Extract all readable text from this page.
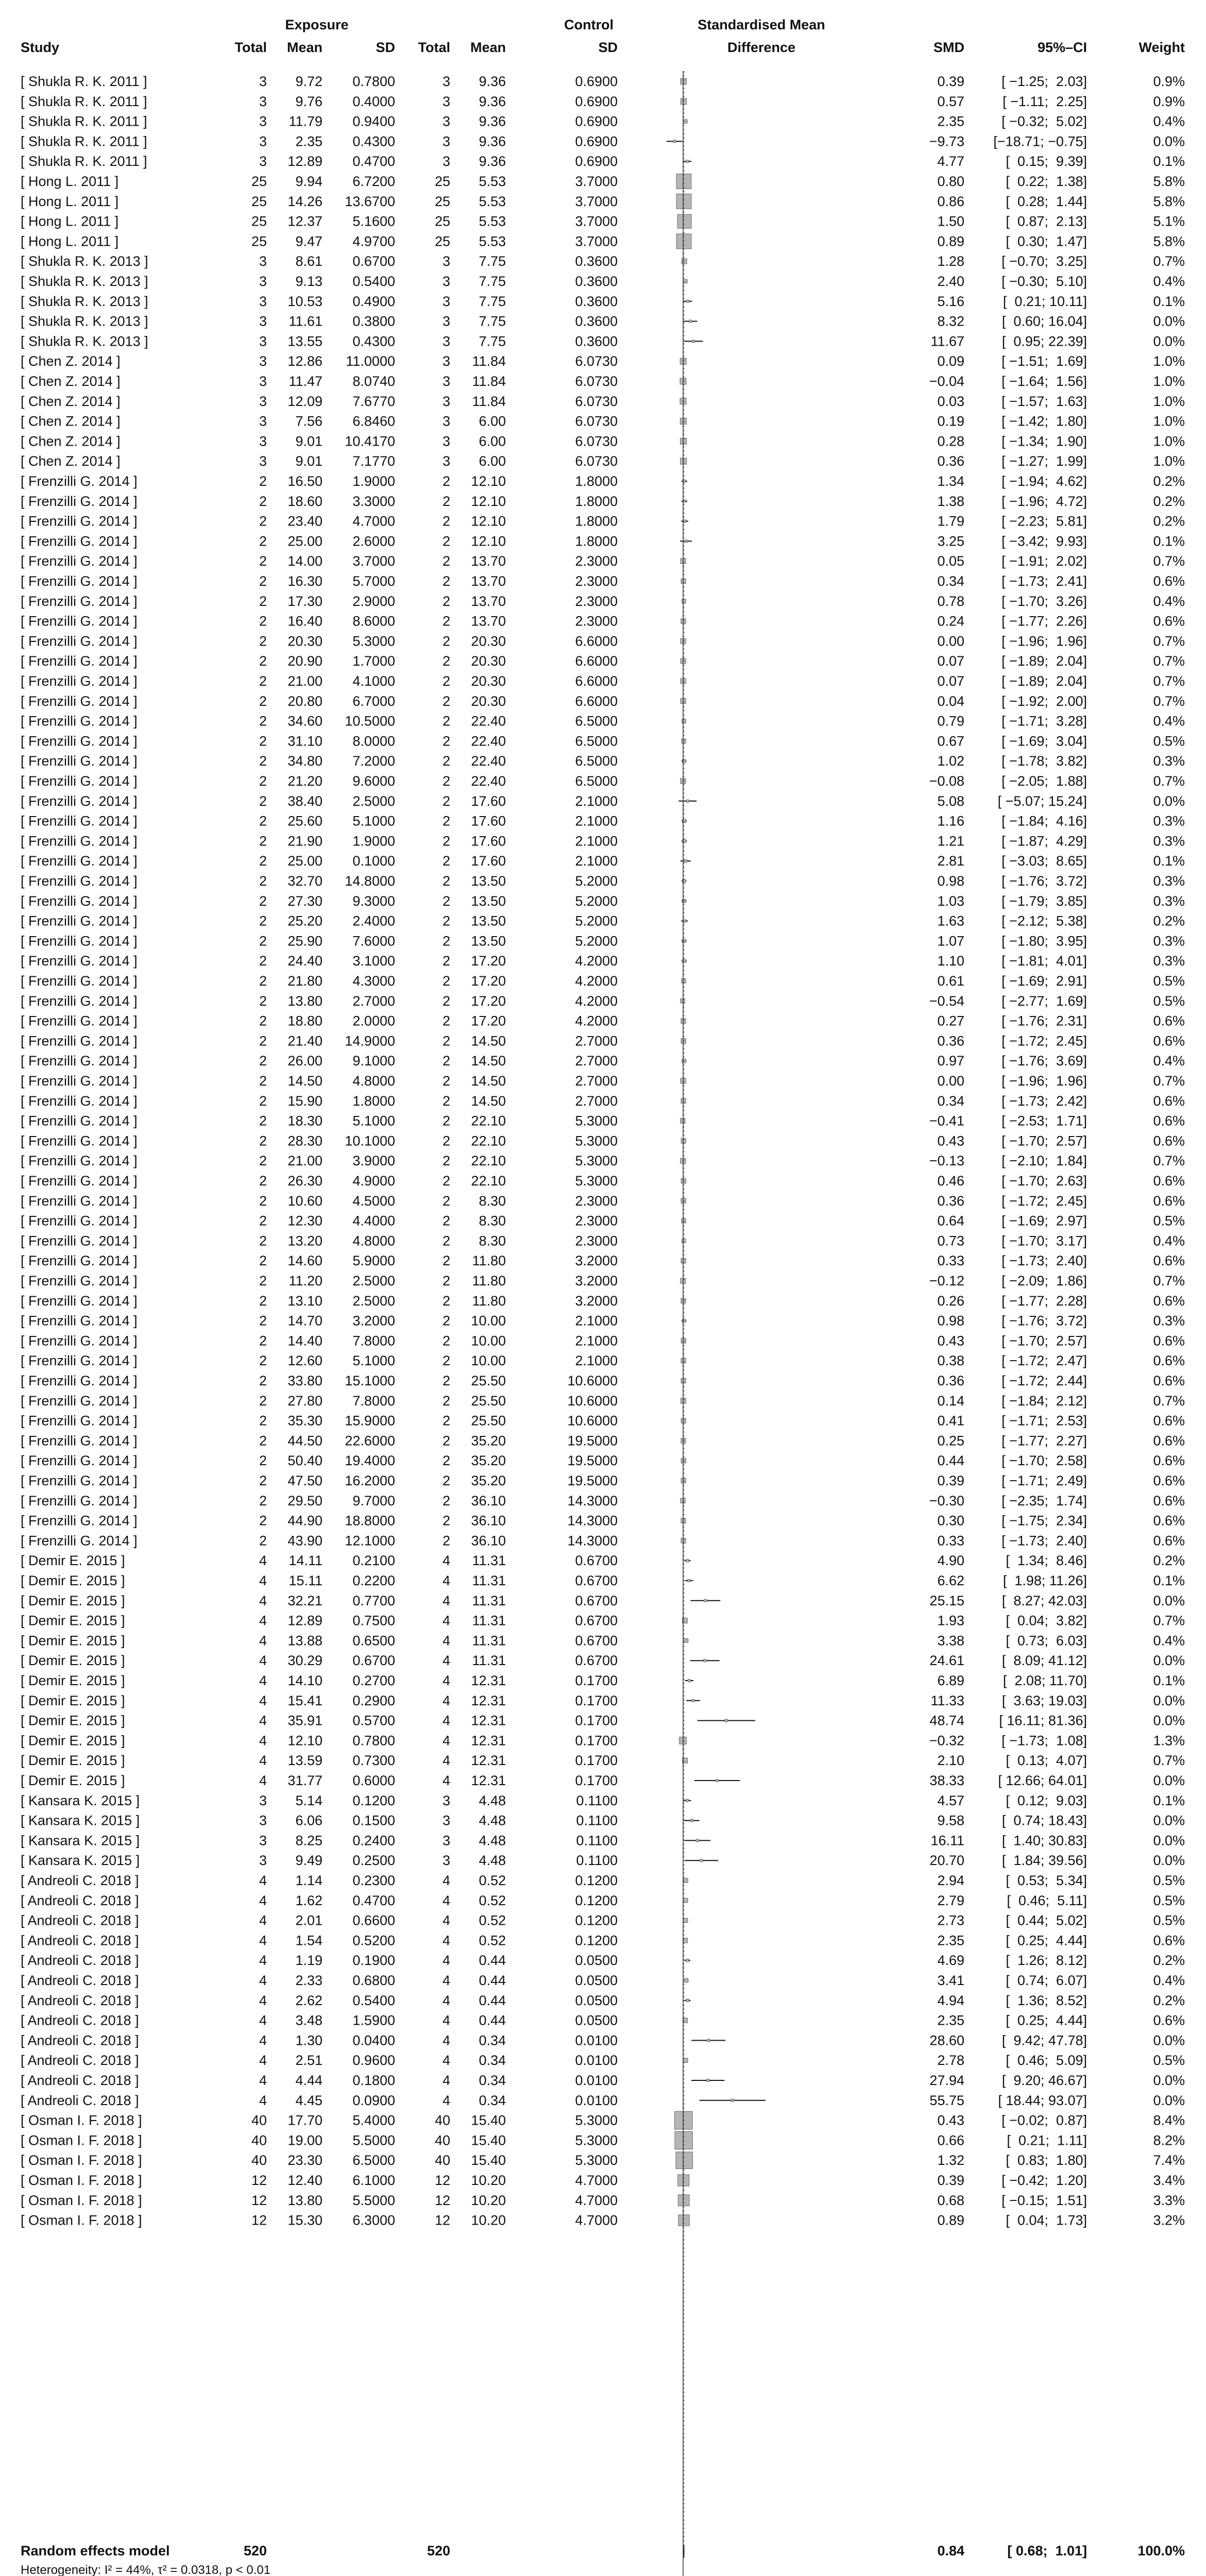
Exposure	Control	Standardised Mean
Study	Total Mean	SD Total Mean	SD	Difference	SMD	95%–CI	Weight
[ Shukla R. K. 2011 ]	3 9.72 0.7800	3 9.36	0.6900	0.39	[ −1.25;  2.03]	0.9%
[ Shukla R. K. 2011 ]	3 9.76 0.4000	3 9.36	0.6900	0.57	[ −1.11;  2.25]	0.9%
[ Shukla R. K. 2011 ]	3 11.79 0.9400	3 9.36	0.6900	2.35	[ −0.32;  5.02]	0.4%
[ Shukla R. K. 2011 ]	3 2.35 0.4300	3 9.36	0.6900	−9.73 [−18.71; −0.75]	0.0%
[ Shukla R. K. 2011 ]	3 12.89 0.4700	3 9.36	0.6900	4.77	[  0.15;  9.39]	0.1%
[ Hong L. 2011 ]	25 9.94 6.7200	25 5.53	3.7000	0.80	[  0.22;  1.38]	5.8%
[ Hong L. 2011 ]	25 14.26 13.6700	25 5.53	3.7000	0.86	[  0.28;  1.44]	5.8%
[ Hong L. 2011 ]	25 12.37 5.1600	25 5.53	3.7000	1.50	[  0.87;  2.13]	5.1%
[ Hong L. 2011 ]	25 9.47 4.9700	25 5.53	3.7000	0.89	[  0.30;  1.47]	5.8%
[ Shukla R. K. 2013 ]	3 8.61 0.6700	3 7.75	0.3600	1.28	[ −0.70;  3.25]	0.7%
[ Shukla R. K. 2013 ]	3 9.13 0.5400	3 7.75	0.3600	2.40	[ −0.30;  5.10]	0.4%
[ Shukla R. K. 2013 ]	3 10.53 0.4900	3 7.75	0.3600	5.16	[  0.21; 10.11]	0.1%
[ Shukla R. K. 2013 ]	3 11.61 0.3800	3 7.75	0.3600	8.32	[  0.60; 16.04]	0.0%
[ Shukla R. K. 2013 ]	3 13.55 0.4300	3 7.75	0.3600	11.67	[  0.95; 22.39]	0.0%
[ Chen Z. 2014 ]	3 12.86 11.0000	3 11.84	6.0730	0.09	[ −1.51;  1.69]	1.0%
[ Chen Z. 2014 ]	3 11.47 8.0740	3 11.84	6.0730	−0.04	[ −1.64;  1.56]	1.0%
[ Chen Z. 2014 ]	3 12.09 7.6770	3 11.84	6.0730	0.03	[ −1.57;  1.63]	1.0%
[ Chen Z. 2014 ]	3 7.56 6.8460	3 6.00	6.0730	0.19	[ −1.42;  1.80]	1.0%
[ Chen Z. 2014 ]	3 9.01 10.4170	3 6.00	6.0730	0.28	[ −1.34;  1.90]	1.0%
[ Chen Z. 2014 ]	3 9.01 7.1770	3 6.00	6.0730	0.36	[ −1.27;  1.99]	1.0%
[ Frenzilli G. 2014 ]	2 16.50 1.9000	2 12.10	1.8000	1.34	[ −1.94;  4.62]	0.2%
[ Frenzilli G. 2014 ]	2 18.60 3.3000	2 12.10	1.8000	1.38	[ −1.96;  4.72]	0.2%
[ Frenzilli G. 2014 ]	2 23.40 4.7000	2 12.10	1.8000	1.79	[ −2.23;  5.81]	0.2%
[ Frenzilli G. 2014 ]	2 25.00 2.6000	2 12.10	1.8000	3.25	[ −3.42;  9.93]	0.1%
[ Frenzilli G. 2014 ]	2 14.00 3.7000	2 13.70	2.3000	0.05	[ −1.91;  2.02]	0.7%
[ Frenzilli G. 2014 ]	2 16.30 5.7000	2 13.70	2.3000	0.34	[ −1.73;  2.41]	0.6%
[ Frenzilli G. 2014 ]	2 17.30 2.9000	2 13.70	2.3000	0.78	[ −1.70;  3.26]	0.4%
[ Frenzilli G. 2014 ]	2 16.40 8.6000	2 13.70	2.3000	0.24	[ −1.77;  2.26]	0.6%
[ Frenzilli G. 2014 ]	2 20.30 5.3000	2 20.30	6.6000	0.00	[ −1.96;  1.96]	0.7%
[ Frenzilli G. 2014 ]	2 20.90 1.7000	2 20.30	6.6000	0.07	[ −1.89;  2.04]	0.7%
[ Frenzilli G. 2014 ]	2 21.00 4.1000	2 20.30	6.6000	0.07	[ −1.89;  2.04]	0.7%
[ Frenzilli G. 2014 ]	2 20.80 6.7000	2 20.30	6.6000	0.04	[ −1.92;  2.00]	0.7%
[ Frenzilli G. 2014 ]	2 34.60 10.5000	2 22.40	6.5000	0.79	[ −1.71;  3.28]	0.4%
[ Frenzilli G. 2014 ]	2 31.10 8.0000	2 22.40	6.5000	0.67	[ −1.69;  3.04]	0.5%
[ Frenzilli G. 2014 ]	2 34.80 7.2000	2 22.40	6.5000	1.02	[ −1.78;  3.82]	0.3%
[ Frenzilli G. 2014 ]	2 21.20 9.6000	2 22.40	6.5000	−0.08	[ −2.05;  1.88]	0.7%
[ Frenzilli G. 2014 ]	2 38.40 2.5000	2 17.60	2.1000	5.08 [ −5.07; 15.24]	0.0%
[ Frenzilli G. 2014 ]	2 25.60 5.1000	2 17.60	2.1000	1.16	[ −1.84;  4.16]	0.3%
[ Frenzilli G. 2014 ]	2 21.90 1.9000	2 17.60	2.1000	1.21	[ −1.87;  4.29]	0.3%
[ Frenzilli G. 2014 ]	2 25.00 0.1000	2 17.60	2.1000	2.81	[ −3.03;  8.65]	0.1%
[ Frenzilli G. 2014 ]	2 32.70 14.8000	2 13.50	5.2000	0.98	[ −1.76;  3.72]	0.3%
[ Frenzilli G. 2014 ]	2 27.30 9.3000	2 13.50	5.2000	1.03	[ −1.79;  3.85]	0.3%
[ Frenzilli G. 2014 ]	2 25.20 2.4000	2 13.50	5.2000	1.63	[ −2.12;  5.38]	0.2%
[ Frenzilli G. 2014 ]	2 25.90 7.6000	2 13.50	5.2000	1.07	[ −1.80;  3.95]	0.3%
[ Frenzilli G. 2014 ]	2 24.40 3.1000	2 17.20	4.2000	1.10	[ −1.81;  4.01]	0.3%
[ Frenzilli G. 2014 ]	2 21.80 4.3000	2 17.20	4.2000	0.61	[ −1.69;  2.91]	0.5%
[ Frenzilli G. 2014 ]	2 13.80 2.7000	2 17.20	4.2000	−0.54	[ −2.77;  1.69]	0.5%
[ Frenzilli G. 2014 ]	2 18.80 2.0000	2 17.20	4.2000	0.27	[ −1.76;  2.31]	0.6%
[ Frenzilli G. 2014 ]	2 21.40 14.9000	2 14.50	2.7000	0.36	[ −1.72;  2.45]	0.6%
[ Frenzilli G. 2014 ]	2 26.00 9.1000	2 14.50	2.7000	0.97	[ −1.76;  3.69]	0.4%
[ Frenzilli G. 2014 ]	2 14.50 4.8000	2 14.50	2.7000	0.00	[ −1.96;  1.96]	0.7%
[ Frenzilli G. 2014 ]	2 15.90 1.8000	2 14.50	2.7000	0.34	[ −1.73;  2.42]	0.6%
[ Frenzilli G. 2014 ]	2 18.30 5.1000	2 22.10	5.3000	−0.41	[ −2.53;  1.71]	0.6%
[ Frenzilli G. 2014 ]	2 28.30 10.1000	2 22.10	5.3000	0.43	[ −1.70;  2.57]	0.6%
[ Frenzilli G. 2014 ]	2 21.00 3.9000	2 22.10	5.3000	−0.13	[ −2.10;  1.84]	0.7%
[ Frenzilli G. 2014 ]	2 26.30 4.9000	2 22.10	5.3000	0.46	[ −1.70;  2.63]	0.6%
[ Frenzilli G. 2014 ]	2 10.60 4.5000	2 8.30	2.3000	0.36	[ −1.72;  2.45]	0.6%
[ Frenzilli G. 2014 ]	2 12.30 4.4000	2 8.30	2.3000	0.64	[ −1.69;  2.97]	0.5%
[ Frenzilli G. 2014 ]	2 13.20 4.8000	2 8.30	2.3000	0.73	[ −1.70;  3.17]	0.4%
[ Frenzilli G. 2014 ]	2 14.60 5.9000	2 11.80	3.2000	0.33	[ −1.73;  2.40]	0.6%
[ Frenzilli G. 2014 ]	2 11.20 2.5000	2 11.80	3.2000	−0.12	[ −2.09;  1.86]	0.7%
[ Frenzilli G. 2014 ]	2 13.10 2.5000	2 11.80	3.2000	0.26	[ −1.77;  2.28]	0.6%
[ Frenzilli G. 2014 ]	2 14.70 3.2000	2 10.00	2.1000	0.98	[ −1.76;  3.72]	0.3%
[ Frenzilli G. 2014 ]	2 14.40 7.8000	2 10.00	2.1000	0.43	[ −1.70;  2.57]	0.6%
[ Frenzilli G. 2014 ]	2 12.60 5.1000	2 10.00	2.1000	0.38	[ −1.72;  2.47]	0.6%
[ Frenzilli G. 2014 ]	2 33.80 15.1000	2 25.50	10.6000	0.36	[ −1.72;  2.44]	0.6%
[ Frenzilli G. 2014 ]	2 27.80 7.8000	2 25.50	10.6000	0.14	[ −1.84;  2.12]	0.7%
[ Frenzilli G. 2014 ]	2 35.30 15.9000	2 25.50	10.6000	0.41	[ −1.71;  2.53]	0.6%
[ Frenzilli G. 2014 ]	2 44.50 22.6000	2 35.20	19.5000	0.25	[ −1.77;  2.27]	0.6%
[ Frenzilli G. 2014 ]	2 50.40 19.4000	2 35.20	19.5000	0.44	[ −1.70;  2.58]	0.6%
[ Frenzilli G. 2014 ]	2 47.50 16.2000	2 35.20	19.5000	0.39	[ −1.71;  2.49]	0.6%
[ Frenzilli G. 2014 ]	2 29.50 9.7000	2 36.10	14.3000	−0.30	[ −2.35;  1.74]	0.6%
[ Frenzilli G. 2014 ]	2 44.90 18.8000	2 36.10	14.3000	0.30	[ −1.75;  2.34]	0.6%
[ Frenzilli G. 2014 ]	2 43.90 12.1000	2 36.10	14.3000	0.33	[ −1.73;  2.40]	0.6%
[ Demir E. 2015 ]	4 14.11 0.2100	4 11.31	0.6700	4.90	[  1.34;  8.46]	0.2%
[ Demir E. 2015 ]	4 15.11 0.2200	4 11.31	0.6700	6.62	[  1.98; 11.26]	0.1%
[ Demir E. 2015 ]	4 32.21 0.7700	4 11.31	0.6700	25.15	[  8.27; 42.03]	0.0%
[ Demir E. 2015 ]	4 12.89 0.7500	4 11.31	0.6700	1.93	[  0.04;  3.82]	0.7%
[ Demir E. 2015 ]	4 13.88 0.6500	4 11.31	0.6700	3.38	[  0.73;  6.03]	0.4%
[ Demir E. 2015 ]	4 30.29 0.6700	4 11.31	0.6700	24.61	[  8.09; 41.12]	0.0%
[ Demir E. 2015 ]	4 14.10 0.2700	4 12.31	0.1700	6.89	[  2.08; 11.70]	0.1%
[ Demir E. 2015 ]	4 15.41 0.2900	4 12.31	0.1700	11.33	[  3.63; 19.03]	0.0%
[ Demir E. 2015 ]	4 35.91 0.5700	4 12.31	0.1700	48.74 [ 16.11; 81.36]	0.0%
[ Demir E. 2015 ]	4 12.10 0.7800	4 12.31	0.1700	−0.32	[ −1.73;  1.08]	1.3%
[ Demir E. 2015 ]	4 13.59 0.7300	4 12.31	0.1700	2.10	[  0.13;  4.07]	0.7%
[ Demir E. 2015 ]	4 31.77 0.6000	4 12.31	0.1700	38.33 [ 12.66; 64.01]	0.0%
[ Kansara K. 2015 ]	3 5.14 0.1200	3 4.48	0.1100	4.57	[  0.12;  9.03]	0.1%
[ Kansara K. 2015 ]	3 6.06 0.1500	3 4.48	0.1100	9.58	[  0.74; 18.43]	0.0%
[ Kansara K. 2015 ]	3 8.25 0.2400	3 4.48	0.1100	16.11	[  1.40; 30.83]	0.0%
[ Kansara K. 2015 ]	3 9.49 0.2500	3 4.48	0.1100	20.70	[  1.84; 39.56]	0.0%
[ Andreoli C. 2018 ]	4 1.14 0.2300	4 0.52	0.1200	2.94	[  0.53;  5.34]	0.5%
[ Andreoli C. 2018 ]	4 1.62 0.4700	4 0.52	0.1200	2.79	[  0.46;  5.11]	0.5%
[ Andreoli C. 2018 ]	4 2.01 0.6600	4 0.52	0.1200	2.73	[  0.44;  5.02]	0.5%
[ Andreoli C. 2018 ]	4 1.54 0.5200	4 0.52	0.1200	2.35	[  0.25;  4.44]	0.6%
[ Andreoli C. 2018 ]	4 1.19 0.1900	4 0.44	0.0500	4.69	[  1.26;  8.12]	0.2%
[ Andreoli C. 2018 ]	4 2.33 0.6800	4 0.44	0.0500	3.41	[  0.74;  6.07]	0.4%
[ Andreoli C. 2018 ]	4 2.62 0.5400	4 0.44	0.0500	4.94	[  1.36;  8.52]	0.2%
[ Andreoli C. 2018 ]	4 3.48 1.5900	4 0.44	0.0500	2.35	[  0.25;  4.44]	0.6%
[ Andreoli C. 2018 ]	4 1.30 0.0400	4 0.34	0.0100	28.60	[  9.42; 47.78]	0.0%
[ Andreoli C. 2018 ]	4 2.51 0.9600	4 0.34	0.0100	2.78	[  0.46;  5.09]	0.5%
[ Andreoli C. 2018 ]	4 4.44 0.1800	4 0.34	0.0100	27.94	[  9.20; 46.67]	0.0%
[ Andreoli C. 2018 ]	4 4.45 0.0900	4 0.34	0.0100	55.75 [ 18.44; 93.07]	0.0%
[ Osman I. F. 2018 ]	40 17.70 5.4000	40 15.40	5.3000	0.43	[ −0.02;  0.87]	8.4%
[ Osman I. F. 2018 ]	40 19.00 5.5000	40 15.40	5.3000	0.66	[  0.21;  1.11]	8.2%
[ Osman I. F. 2018 ]	40 23.30 6.5000	40 15.40	5.3000	1.32	[  0.83;  1.80]	7.4%
[ Osman I. F. 2018 ]	12 12.40 6.1000	12 10.20	4.7000	0.39	[ −0.42;  1.20]	3.4%
[ Osman I. F. 2018 ]	12 13.80 5.5000	12 10.20	4.7000	0.68	[ −0.15;  1.51]	3.3%
[ Osman I. F. 2018 ]	12 15.30 6.3000	12 10.20	4.7000	0.89	[  0.04;  1.73]	3.2%
Random effects model	520	520	0.84	[ 0.68;  1.01]	100.0%
Heterogeneity: I² = 44%, τ² = 0.0318, p < 0.01
